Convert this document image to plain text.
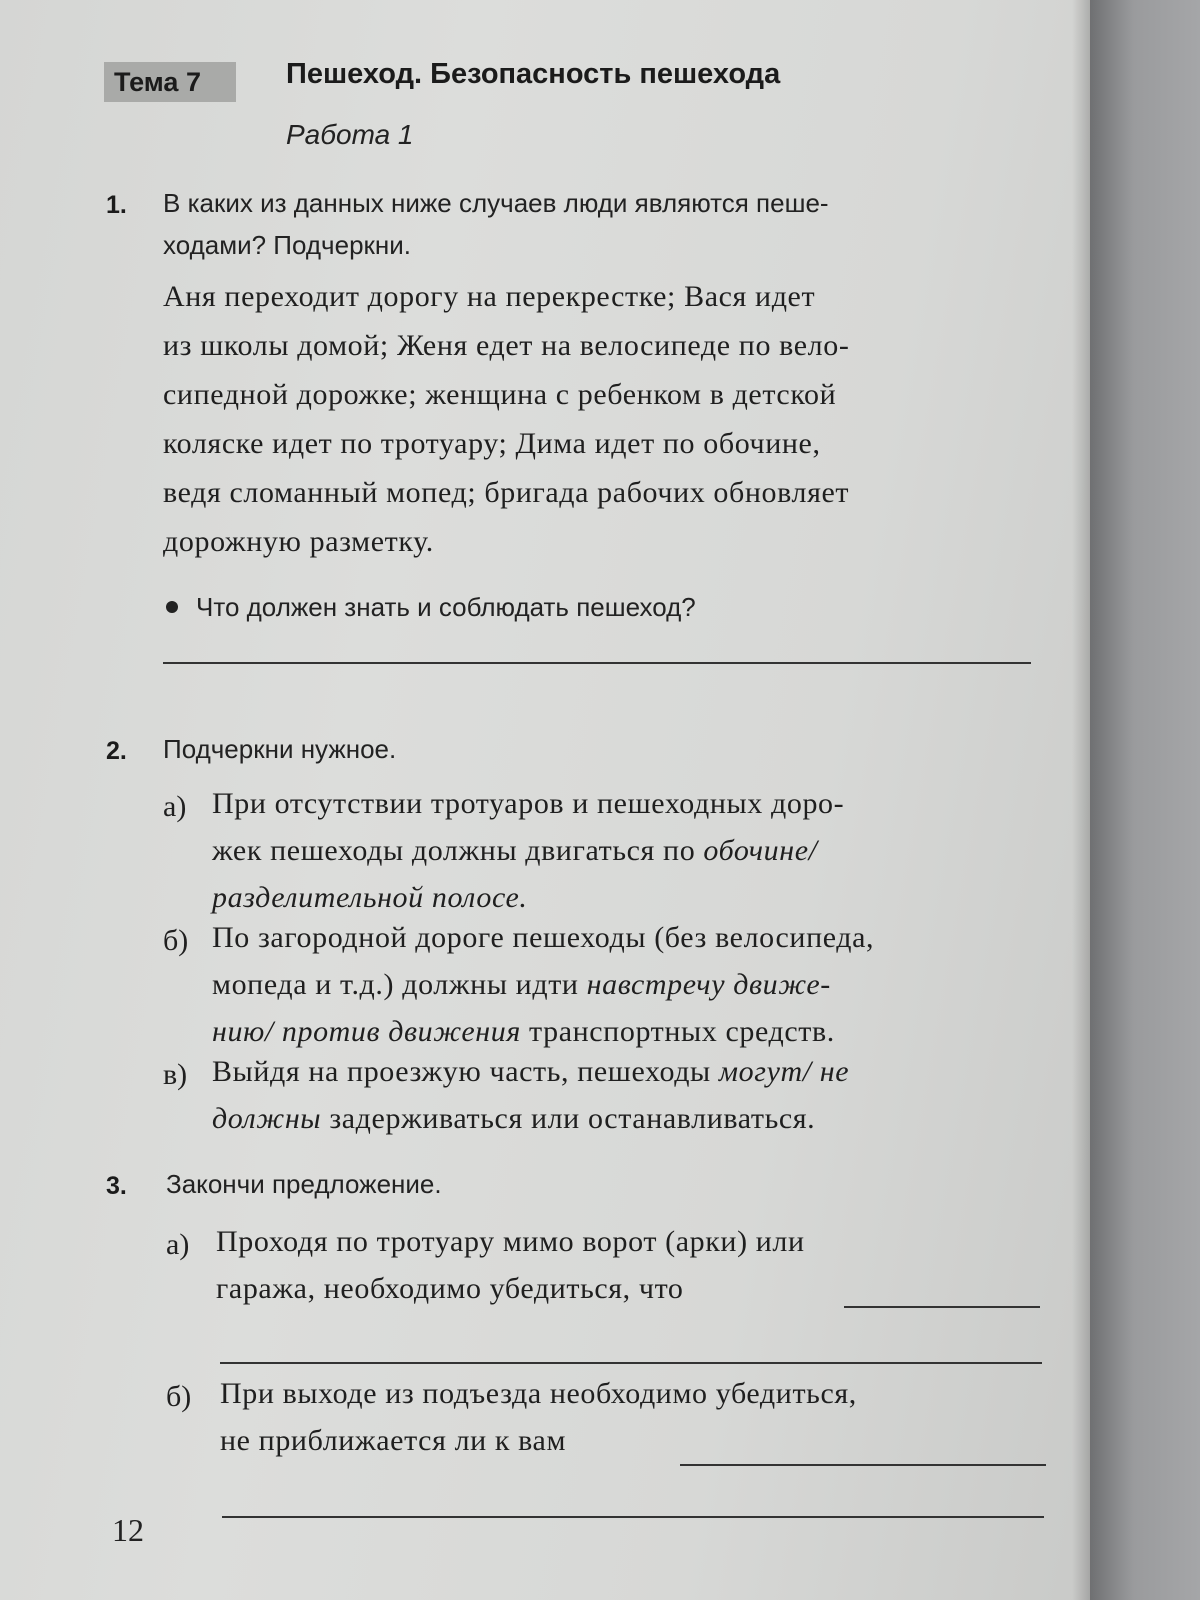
Тема 7	Пешеход. Безопасность пешехода
Работа 1
1. В каких из данных ниже случаев люди являются пеше-
ходами? Подчеркни.
Аня переходит дорогу на перекрестке; Вася идет
из школы домой; Женя едет на велосипеде по вело-
сипедной дорожке; женщина с ребенком в детской
коляске идет по тротуару; Дима идет по обочине,
ведя сломанный мопед; бригада рабочих обновляет
дорожную разметку.
Что должен знать и соблюдать пешеход?
2. Подчеркни нужное.
а) При отсутствии тротуаров и пешеходных доро-
жек пешеходы должны двигаться по обочине/
разделительной полосе.
б) По загородной дороге пешеходы (без велосипеда,
мопеда и т.д.) должны идти навстречу движе-
нию/ против движения транспортных средств.
в) Выйдя на проезжую часть, пешеходы могут/ не
должны задерживаться или останавливаться.
3. Закончи предложение.
а) Проходя по тротуару мимо ворот (арки) или
гаража, необходимо убедиться, что
б) При выходе из подъезда необходимо убедиться,
не приближается ли к вам
12
